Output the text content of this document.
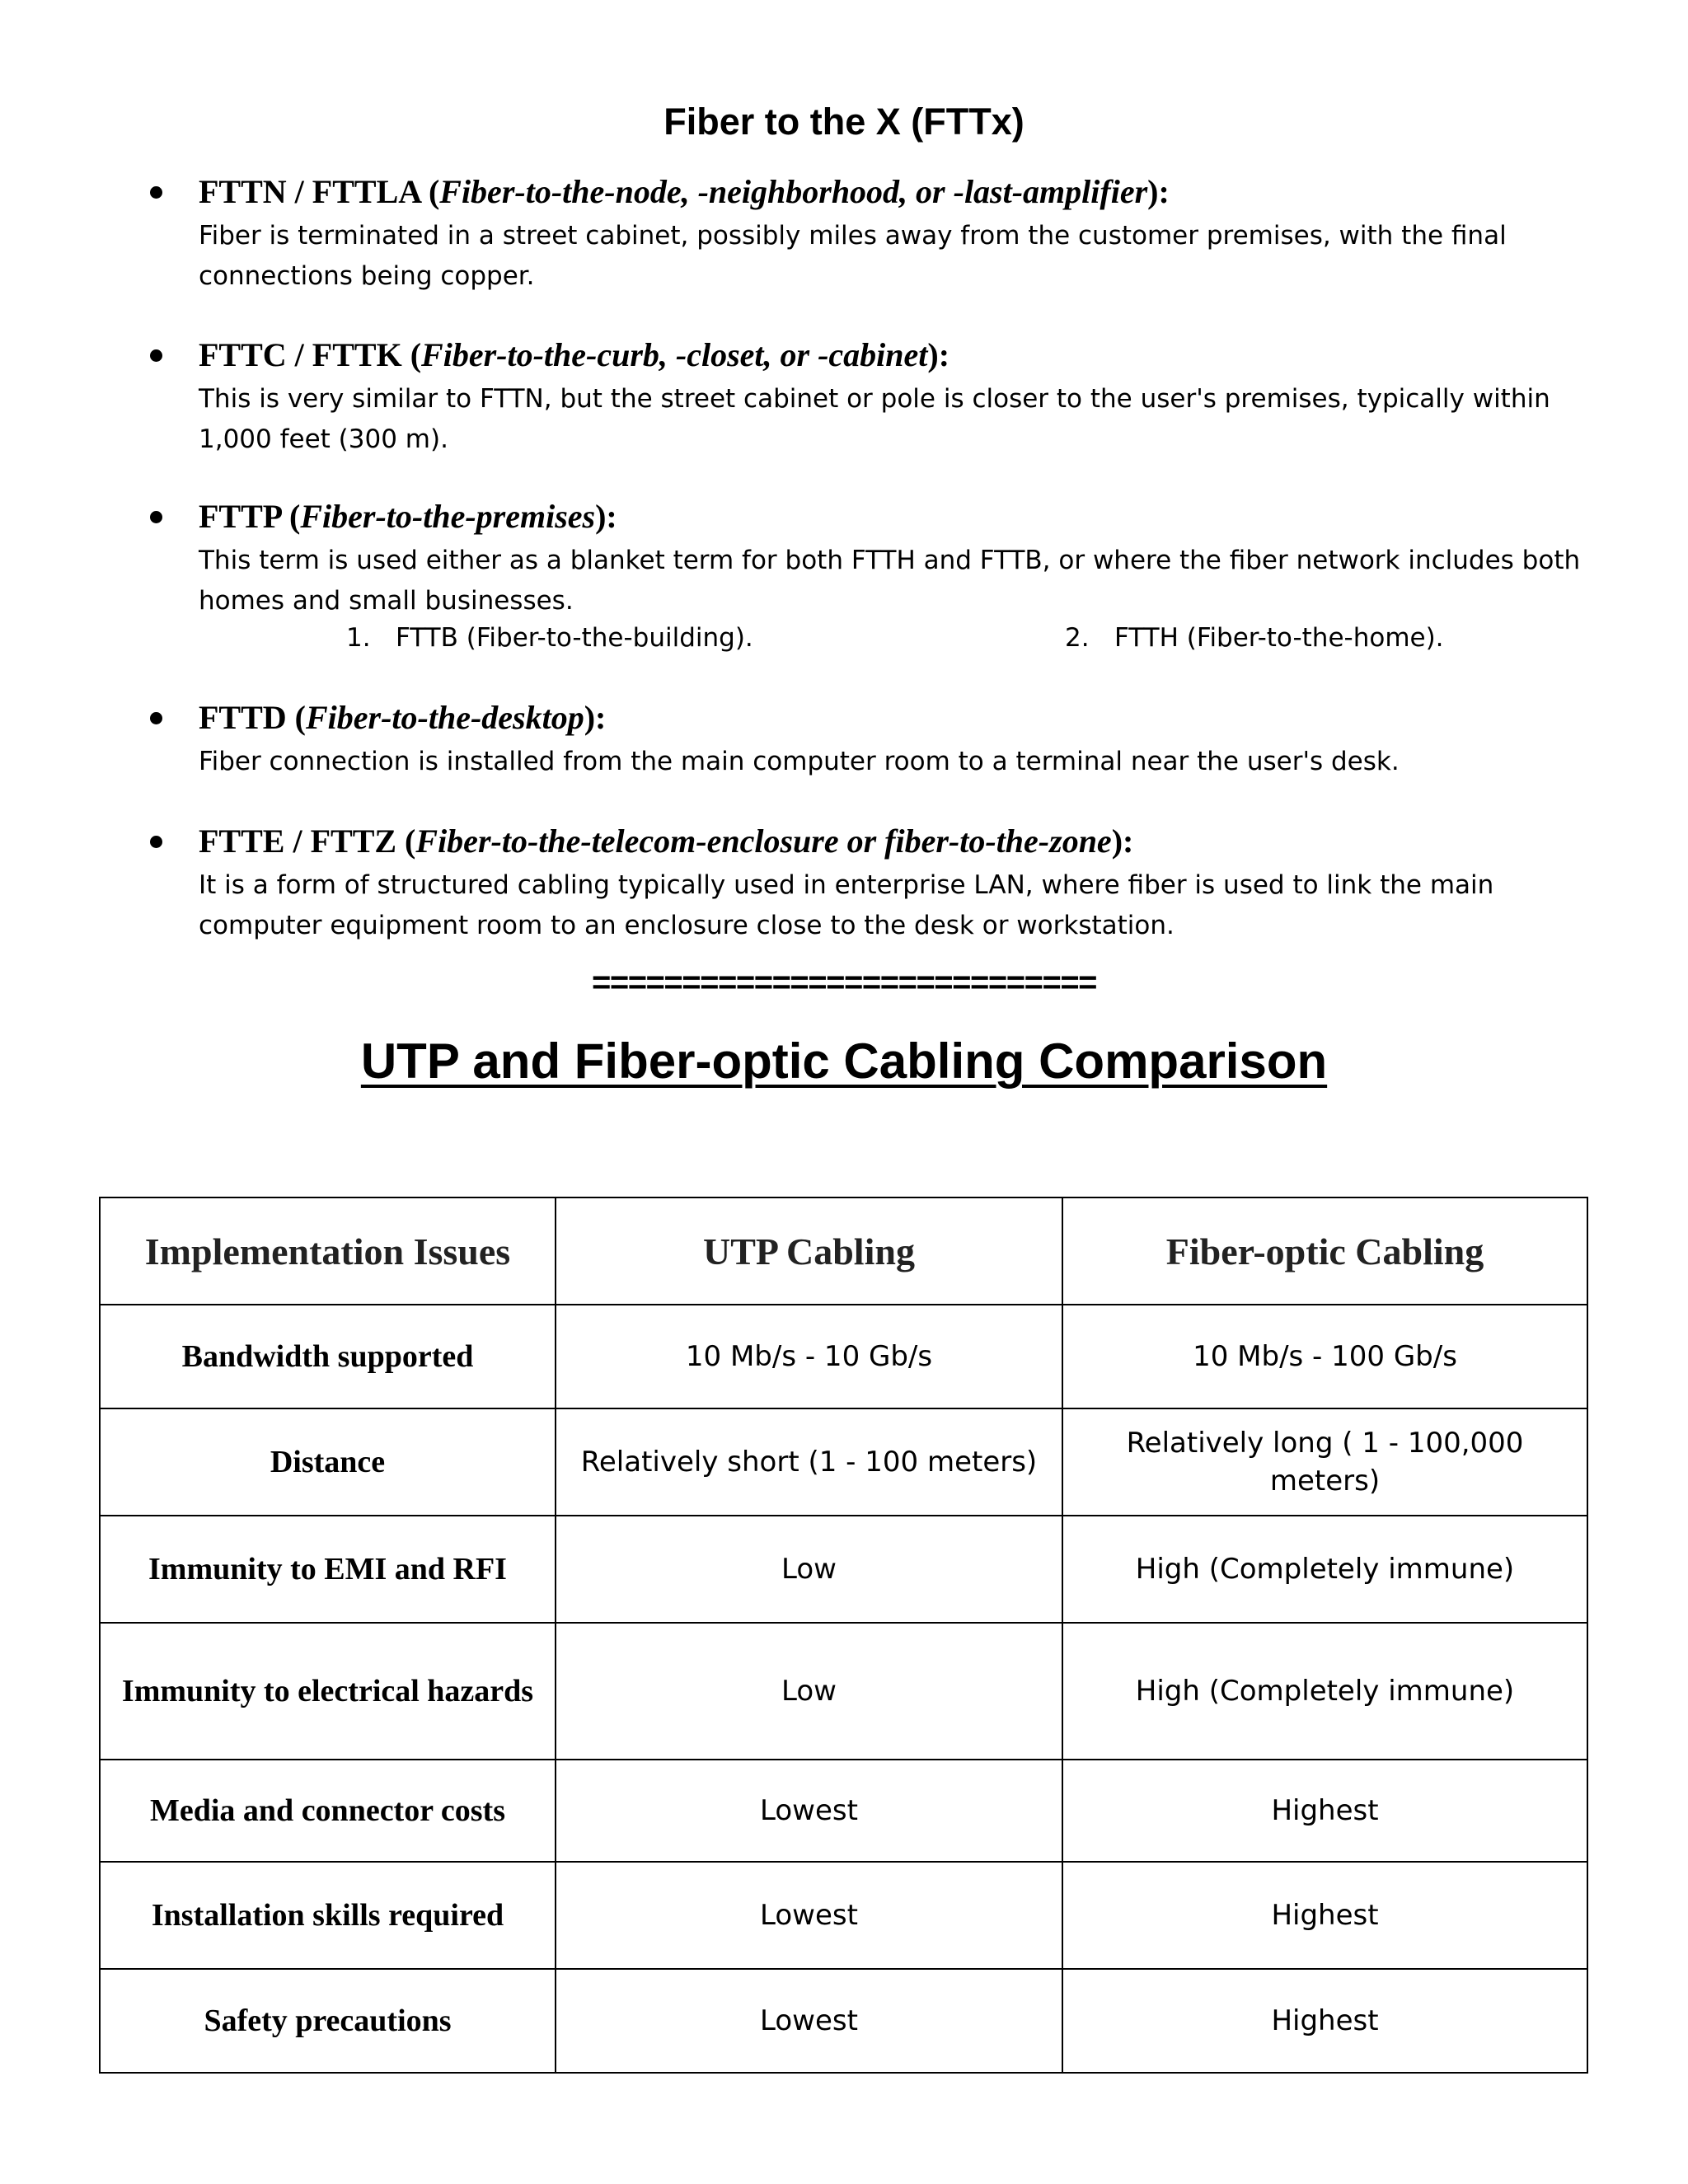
Fiber to the X (FTTx)
FTTN / FTTLA (Fiber-to-the-node, -neighborhood, or -last-amplifier):
Fiber is terminated in a street cabinet, possibly miles away from the customer premises, with the final connections being copper.
FTTC / FTTK (Fiber-to-the-curb, -closet, or -cabinet):
This is very similar to FTTN, but the street cabinet or pole is closer to the user's premises, typically within 1,000 feet (300 m).
FTTP (Fiber-to-the-premises):
This term is used either as a blanket term for both FTTH and FTTB, or where the fiber network includes both homes and small businesses.
1. FTTB (Fiber-to-the-building).	2. FTTH (Fiber-to-the-home).
FTTD (Fiber-to-the-desktop):
Fiber connection is installed from the main computer room to a terminal near the user's desk.
FTTE / FTTZ (Fiber-to-the-telecom-enclosure or fiber-to-the-zone):
It is a form of structured cabling typically used in enterprise LAN, where fiber is used to link the main computer equipment room to an enclosure close to the desk or workstation.
============================
UTP and Fiber-optic Cabling Comparison
Implementation Issues	UTP Cabling	Fiber-optic Cabling
Bandwidth supported	10 Mb/s - 10 Gb/s	10 Mb/s - 100 Gb/s
Distance	Relatively short (1 - 100 meters)	Relatively long ( 1 - 100,000 meters)
Immunity to EMI and RFI	Low	High (Completely immune)
Immunity to electrical hazards	Low	High (Completely immune)
Media and connector costs	Lowest	Highest
Installation skills required	Lowest	Highest
Safety precautions	Lowest	Highest
